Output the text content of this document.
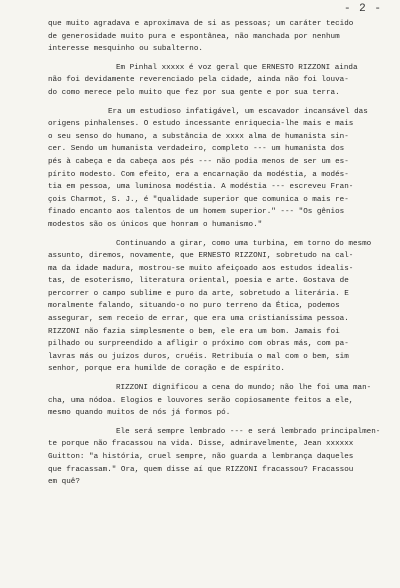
- 2 -

que muito agradava e aproximava de si as pessoas; um caráter tecido
de generosidade muito pura e espontânea, não manchada por nenhum
interesse mesquinho ou subalterno.

Em Pinhal xxxxx é voz geral que ERNESTO RIZZONI ainda
não foi devidamente reverenciado pela cidade, ainda não foi louva-
do como merece pelo muito que fez por sua gente e por sua terra.

Era um estudioso infatigável, um escavador incansável das
origens pinhalenses. O estudo incessante enriquecia-lhe mais e mais
o seu senso do humano, a substância de xxxx alma de humanista sin-
cer. Sendo um humanista verdadeiro, completo --- um humanista dos
pés à cabeça e da cabeça aos pés --- não podia menos de ser um es-
pírito modesto. Com efeito, era a encarnação da modéstia, a modés-
tia em pessoa, uma luminosa modéstia. A modéstia --- escreveu Fran-
çois Charmot, S. J., é "qualidade superior que comunica o mais re-
finado encanto aos talentos de um homem superior." --- "Os gênios
modestos são os únicos que honram o humanismo."

Continuando a girar, como uma turbina, em torno do mesmo
assunto, diremos, novamente, que ERNESTO RIZZONI, sobretudo na cal-
ma da idade madura, mostrou-se muito afeiçoado aos estudos idealis-
tas, de esoterismo, literatura oriental, poesia e arte. Gostava de
percorrer o campo sublime e puro da arte, sobretudo a literária. E
moralmente falando, situando-o no puro terreno da Ética, podemos
assegurar, sem receio de errar, que era uma cristianíssima pessoa.
RIZZONI não fazia simplesmente o bem, ele era um bom. Jamais foi
pilhado ou surpreendido a afligir o próximo com obras más, com pa-
lavras más ou juízos duros, cruéis. Retribuía o mal com o bem, sim
senhor, porque era humilde de coração e de espírito.

RIZZONI dignificou a cena do mundo; não lhe foi uma man-
cha, uma nódoa. Elogios e louvores serão copiosamente feitos a ele,
mesmo quando muitos de nós já formos pó.

Ele será sempre lembrado --- e será lembrado principalmen-
te porque não fracassou na vida. Disse, admiravelmente, Jean xxxxxx
Guitton: "a história, cruel sempre, não guarda a lembrança daqueles
que fracassam." Ora, quem disse aí que RIZZONI fracassou? Fracassou
em quê?
